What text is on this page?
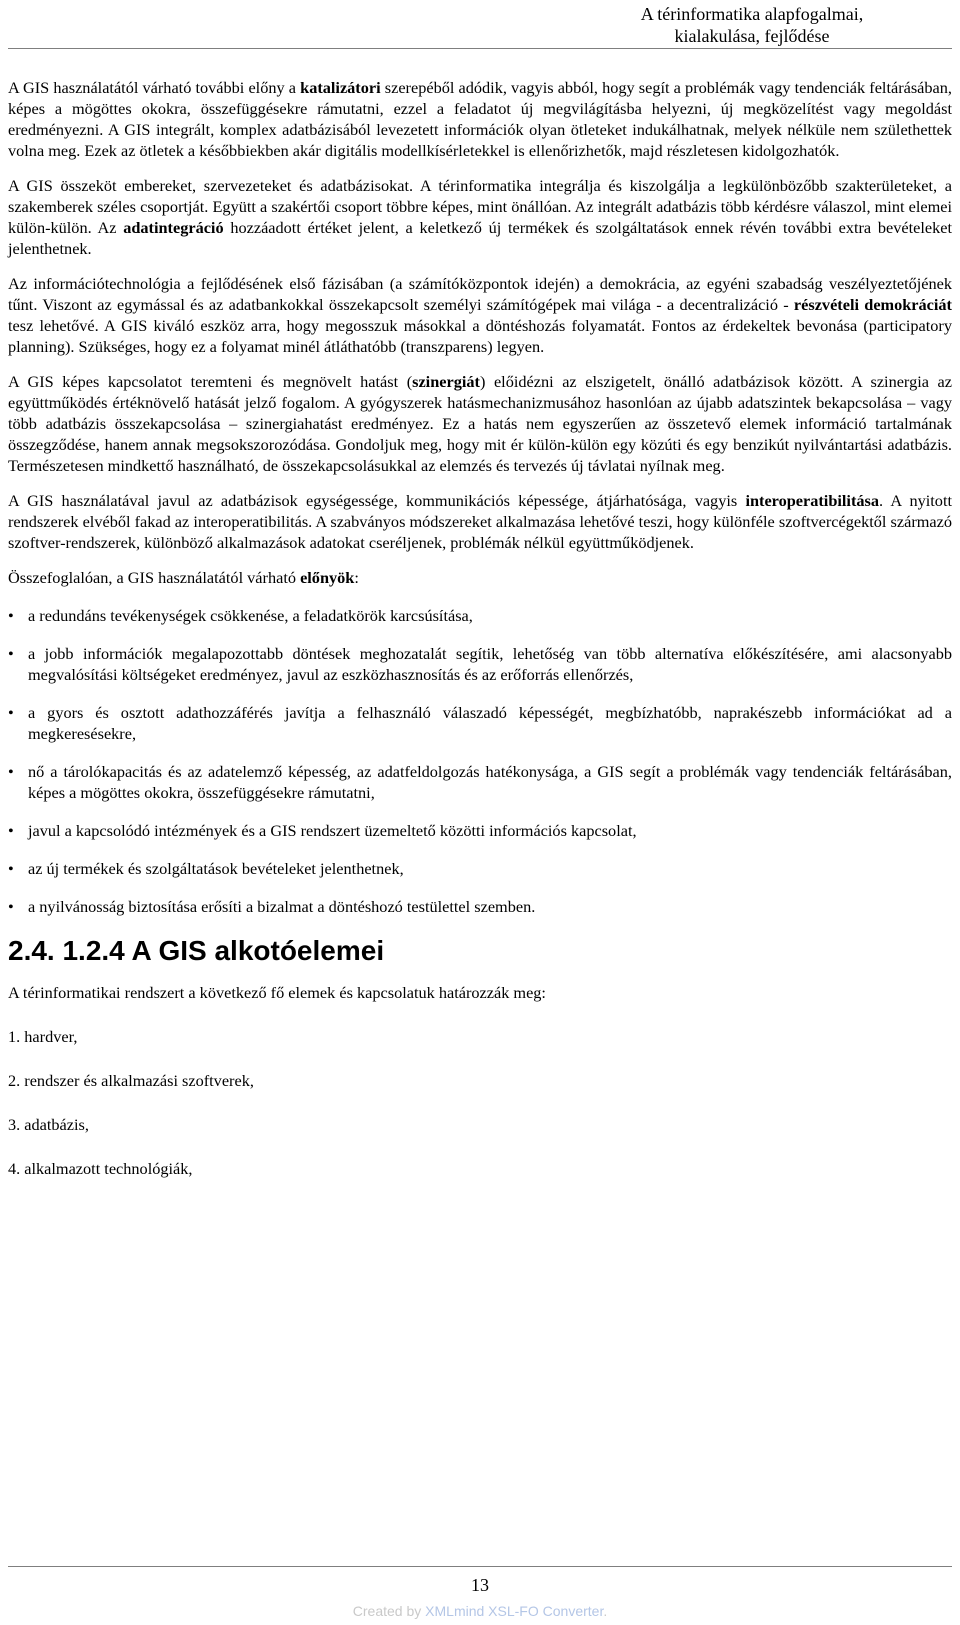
A térinformatika alapfogalmai,
kialakulása, fejlődése

A GIS használatától várható további előny a katalizátori szerepéből adódik, vagyis abból, hogy segít a problémák vagy tendenciák feltárásában, képes a mögöttes okokra, összefüggésekre rámutatni, ezzel a feladatot új megvilágításba helyezni, új megközelítést vagy megoldást eredményezni. A GIS integrált, komplex adatbázisából levezetett információk olyan ötleteket indukálhatnak, melyek nélküle nem születhettek volna meg. Ezek az ötletek a későbbiekben akár digitális modellkísérletekkel is ellenőrizhetők, majd részletesen kidolgozhatók.

A GIS összeköt embereket, szervezeteket és adatbázisokat. A térinformatika integrálja és kiszolgálja a legkülönbözőbb szakterületeket, a szakemberek széles csoportját. Együtt a szakértői csoport többre képes, mint önállóan. Az integrált adatbázis több kérdésre válaszol, mint elemei külön-külön. Az adatintegráció hozzáadott értéket jelent, a keletkező új termékek és szolgáltatások ennek révén további extra bevételeket jelenthetnek.

Az információtechnológia a fejlődésének első fázisában (a számítóközpontok idején) a demokrácia, az egyéni szabadság veszélyeztetőjének tűnt. Viszont az egymással és az adatbankokkal összekapcsolt személyi számítógépek mai világa - a decentralizáció - részvételi demokráciát tesz lehetővé. A GIS kiváló eszköz arra, hogy megosszuk másokkal a döntéshozás folyamatát. Fontos az érdekeltek bevonása (participatory planning). Szükséges, hogy ez a folyamat minél átláthatóbb (transzparens) legyen.

A GIS képes kapcsolatot teremteni és megnövelt hatást (szinergiát) előidézni az elszigetelt, önálló adatbázisok között. A szinergia az együttműködés értéknövelő hatását jelző fogalom. A gyógyszerek hatásmechanizmusához hasonlóan az újabb adatszintek bekapcsolása – vagy több adatbázis összekapcsolása – szinergiahatást eredményez. Ez a hatás nem egyszerűen az összetevő elemek információ tartalmának összegződése, hanem annak megsokszorozódása. Gondoljuk meg, hogy mit ér külön-külön egy közúti és egy benzikút nyilvántartási adatbázis. Természetesen mindkettő használható, de összekapcsolásukkal az elemzés és tervezés új távlatai nyílnak meg.

A GIS használatával javul az adatbázisok egységessége, kommunikációs képessége, átjárhatósága, vagyis interoperatibilitása. A nyitott rendszerek elvéből fakad az interoperatibilitás. A szabványos módszereket alkalmazása lehetővé teszi, hogy különféle szoftvercégektől származó szoftver-rendszerek, különböző alkalmazások adatokat cseréljenek, problémák nélkül együttműködjenek.

Összefoglalóan, a GIS használatától várható előnyök:

• a redundáns tevékenységek csökkenése, a feladatkörök karcsúsítása,
• a jobb információk megalapozottabb döntések meghozatalát segítik, lehetőség van több alternatíva előkészítésére, ami alacsonyabb megvalósítási költségeket eredményez, javul az eszközhasznosítás és az erőforrás ellenőrzés,
• a gyors és osztott adathozzáférés javítja a felhasználó válaszadó képességét, megbízhatóbb, naprakészebb információkat ad a megkeresésekre,
• nő a tárolókapacitás és az adatelemző képesség, az adatfeldolgozás hatékonysága, a GIS segít a problémák vagy tendenciák feltárásában, képes a mögöttes okokra, összefüggésekre rámutatni,
• javul a kapcsolódó intézmények és a GIS rendszert üzemeltető közötti információs kapcsolat,
• az új termékek és szolgáltatások bevételeket jelenthetnek,
• a nyilvánosság biztosítása erősíti a bizalmat a döntéshozó testülettel szemben.
2.4. 1.2.4 A GIS alkotóelemei

A térinformatikai rendszert a következő fő elemek és kapcsolatuk határozzák meg:

1. hardver,

2. rendszer és alkalmazási szoftverek,

3. adatbázis,

4. alkalmazott technológiák,

13
Created by XMLmind XSL-FO Converter.
